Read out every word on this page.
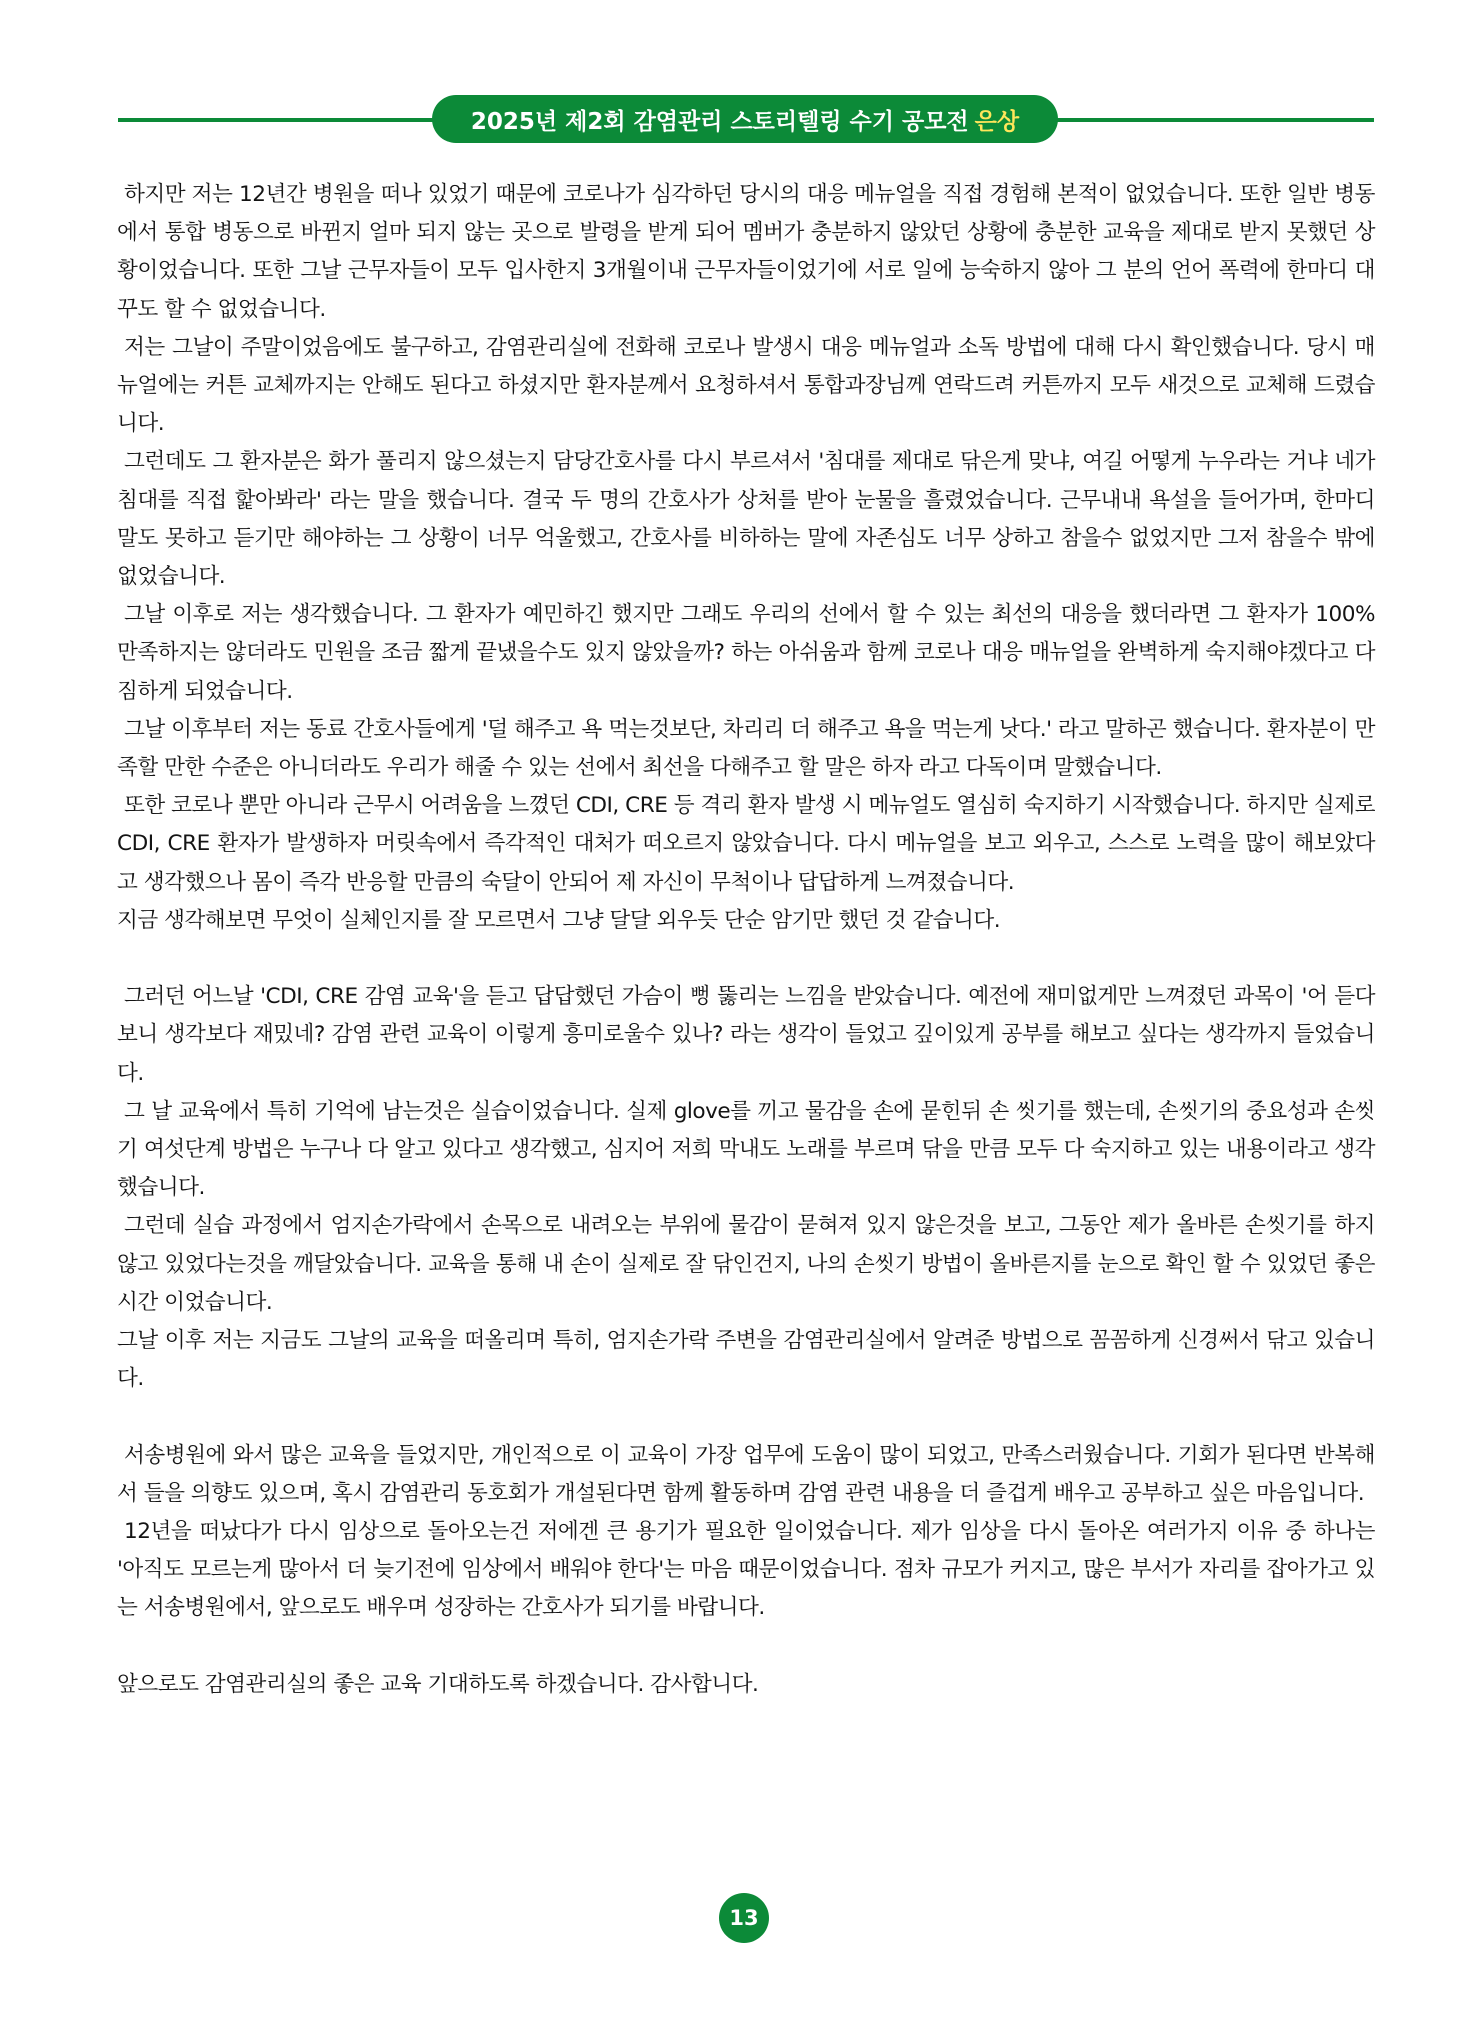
2025년 제2회 감염관리 스토리텔링 수기 공모전 은상

하지만 저는 12년간 병원을 떠나 있었기 때문에 코로나가 심각하던 당시의 대응 메뉴얼을 직접 경험해 본적이 없었습니다. 또한 일반 병동에서 통합 병동으로 바뀐지 얼마 되지 않는 곳으로 발령을 받게 되어 멤버가 충분하지 않았던 상황에 충분한 교육을 제대로 받지 못했던 상황이었습니다. 또한 그날 근무자들이 모두 입사한지 3개월이내 근무자들이었기에 서로 일에 능숙하지 않아 그 분의 언어 폭력에 한마디 대꾸도 할 수 없었습니다.

저는 그날이 주말이었음에도 불구하고, 감염관리실에 전화해 코로나 발생시 대응 메뉴얼과 소독 방법에 대해 다시 확인했습니다. 당시 매뉴얼에는 커튼 교체까지는 안해도 된다고 하셨지만 환자분께서 요청하셔서 통합과장님께 연락드려 커튼까지 모두 새것으로 교체해 드렸습니다.

그런데도 그 환자분은 화가 풀리지 않으셨는지 담당간호사를 다시 부르셔서 '침대를 제대로 닦은게 맞냐, 여길 어떻게 누우라는 거냐 네가 침대를 직접 핥아봐라' 라는 말을 했습니다. 결국 두 명의 간호사가 상처를 받아 눈물을 흘렸었습니다. 근무내내 욕설을 들어가며, 한마디 말도 못하고 듣기만 해야하는 그 상황이 너무 억울했고, 간호사를 비하하는 말에 자존심도 너무 상하고 참을수 없었지만 그저 참을수 밖에 없었습니다.

그날 이후로 저는 생각했습니다. 그 환자가 예민하긴 했지만 그래도 우리의 선에서 할 수 있는 최선의 대응을 했더라면 그 환자가 100% 만족하지는 않더라도 민원을 조금 짧게 끝냈을수도 있지 않았을까? 하는 아쉬움과 함께 코로나 대응 매뉴얼을 완벽하게 숙지해야겠다고 다짐하게 되었습니다.

그날 이후부터 저는 동료 간호사들에게 '덜 해주고 욕 먹는것보단, 차리리 더 해주고 욕을 먹는게 낫다.' 라고 말하곤 했습니다. 환자분이 만족할 만한 수준은 아니더라도 우리가 해줄 수 있는 선에서 최선을 다해주고 할 말은 하자 라고 다독이며 말했습니다.

또한 코로나 뿐만 아니라 근무시 어려움을 느꼈던 CDI, CRE 등 격리 환자 발생 시 메뉴얼도 열심히 숙지하기 시작했습니다. 하지만 실제로 CDI, CRE 환자가 발생하자 머릿속에서 즉각적인 대처가 떠오르지 않았습니다. 다시 메뉴얼을 보고 외우고, 스스로 노력을 많이 해보았다고 생각했으나 몸이 즉각 반응할 만큼의 숙달이 안되어 제 자신이 무척이나 답답하게 느껴졌습니다.

지금 생각해보면 무엇이 실체인지를 잘 모르면서 그냥 달달 외우듯 단순 암기만 했던 것 같습니다.

그러던 어느날 'CDI, CRE 감염 교육'을 듣고 답답했던 가슴이 뻥 뚫리는 느낌을 받았습니다. 예전에 재미없게만 느껴졌던 과목이 '어 듣다보니 생각보다 재밌네? 감염 관련 교육이 이렇게 흥미로울수 있나? 라는 생각이 들었고 깊이있게 공부를 해보고 싶다는 생각까지 들었습니다.

그 날 교육에서 특히 기억에 남는것은 실습이었습니다. 실제 glove를 끼고 물감을 손에 묻힌뒤 손 씻기를 했는데, 손씻기의 중요성과 손씻기 여섯단계 방법은 누구나 다 알고 있다고 생각했고, 심지어 저희 막내도 노래를 부르며 닦을 만큼 모두 다 숙지하고 있는 내용이라고 생각했습니다.

그런데 실습 과정에서 엄지손가락에서 손목으로 내려오는 부위에 물감이 묻혀져 있지 않은것을 보고, 그동안 제가 올바른 손씻기를 하지 않고 있었다는것을 깨달았습니다. 교육을 통해 내 손이 실제로 잘 닦인건지, 나의 손씻기 방법이 올바른지를 눈으로 확인 할 수 있었던 좋은 시간 이었습니다.

그날 이후 저는 지금도 그날의 교육을 떠올리며 특히, 엄지손가락 주변을 감염관리실에서 알려준 방법으로 꼼꼼하게 신경써서 닦고 있습니다.

서송병원에 와서 많은 교육을 들었지만, 개인적으로 이 교육이 가장 업무에 도움이 많이 되었고, 만족스러웠습니다. 기회가 된다면 반복해서 들을 의향도 있으며, 혹시 감염관리 동호회가 개설된다면 함께 활동하며 감염 관련 내용을 더 즐겁게 배우고 공부하고 싶은 마음입니다.

12년을 떠났다가 다시 임상으로 돌아오는건 저에겐 큰 용기가 필요한 일이었습니다. 제가 임상을 다시 돌아온 여러가지 이유 중 하나는 '아직도 모르는게 많아서 더 늦기전에 임상에서 배워야 한다'는 마음 때문이었습니다. 점차 규모가 커지고, 많은 부서가 자리를 잡아가고 있는 서송병원에서, 앞으로도 배우며 성장하는 간호사가 되기를 바랍니다.

앞으로도 감염관리실의 좋은 교육 기대하도록 하겠습니다. 감사합니다.

13
